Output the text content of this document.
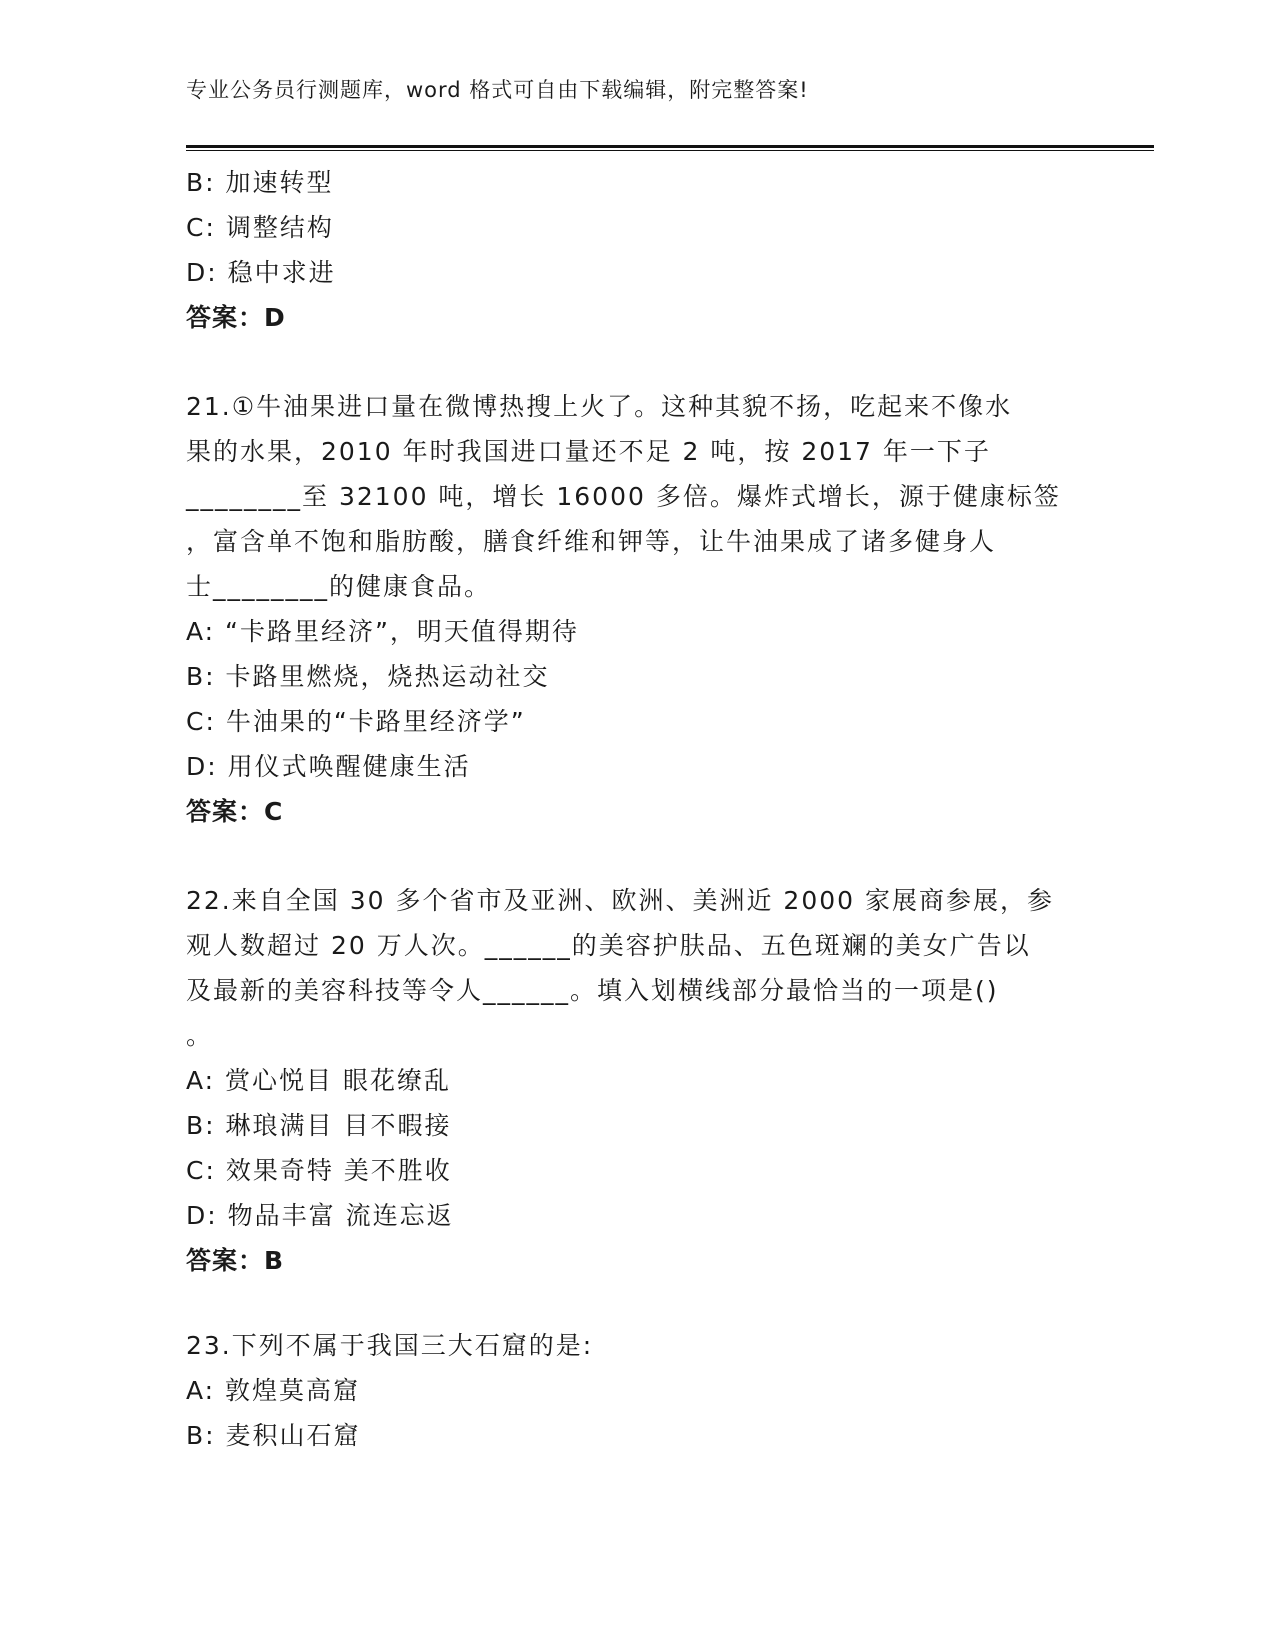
专业公务员行测题库，word 格式可自由下载编辑，附完整答案!
B: 加速转型
C: 调整结构
D: 稳中求进
答案：D
21.①牛油果进口量在微博热搜上火了。这种其貌不扬，吃起来不像水
果的水果，2010 年时我国进口量还不足 2 吨，按 2017 年一下子
________至 32100 吨，增长 16000 多倍。爆炸式增长，源于健康标签
，富含单不饱和脂肪酸，膳食纤维和钾等，让牛油果成了诸多健身人
士________的健康食品。
A: “卡路里经济”，明天值得期待
B: 卡路里燃烧，烧热运动社交
C: 牛油果的“卡路里经济学”
D: 用仪式唤醒健康生活
答案：C
22.来自全国 30 多个省市及亚洲、欧洲、美洲近 2000 家展商参展，参
观人数超过 20 万人次。______的美容护肤品、五色斑斓的美女广告以
及最新的美容科技等令人______。填入划横线部分最恰当的一项是()
。
A: 赏心悦目 眼花缭乱
B: 琳琅满目 目不暇接
C: 效果奇特 美不胜收
D: 物品丰富 流连忘返
答案：B
23.下列不属于我国三大石窟的是:
A: 敦煌莫高窟
B: 麦积山石窟
